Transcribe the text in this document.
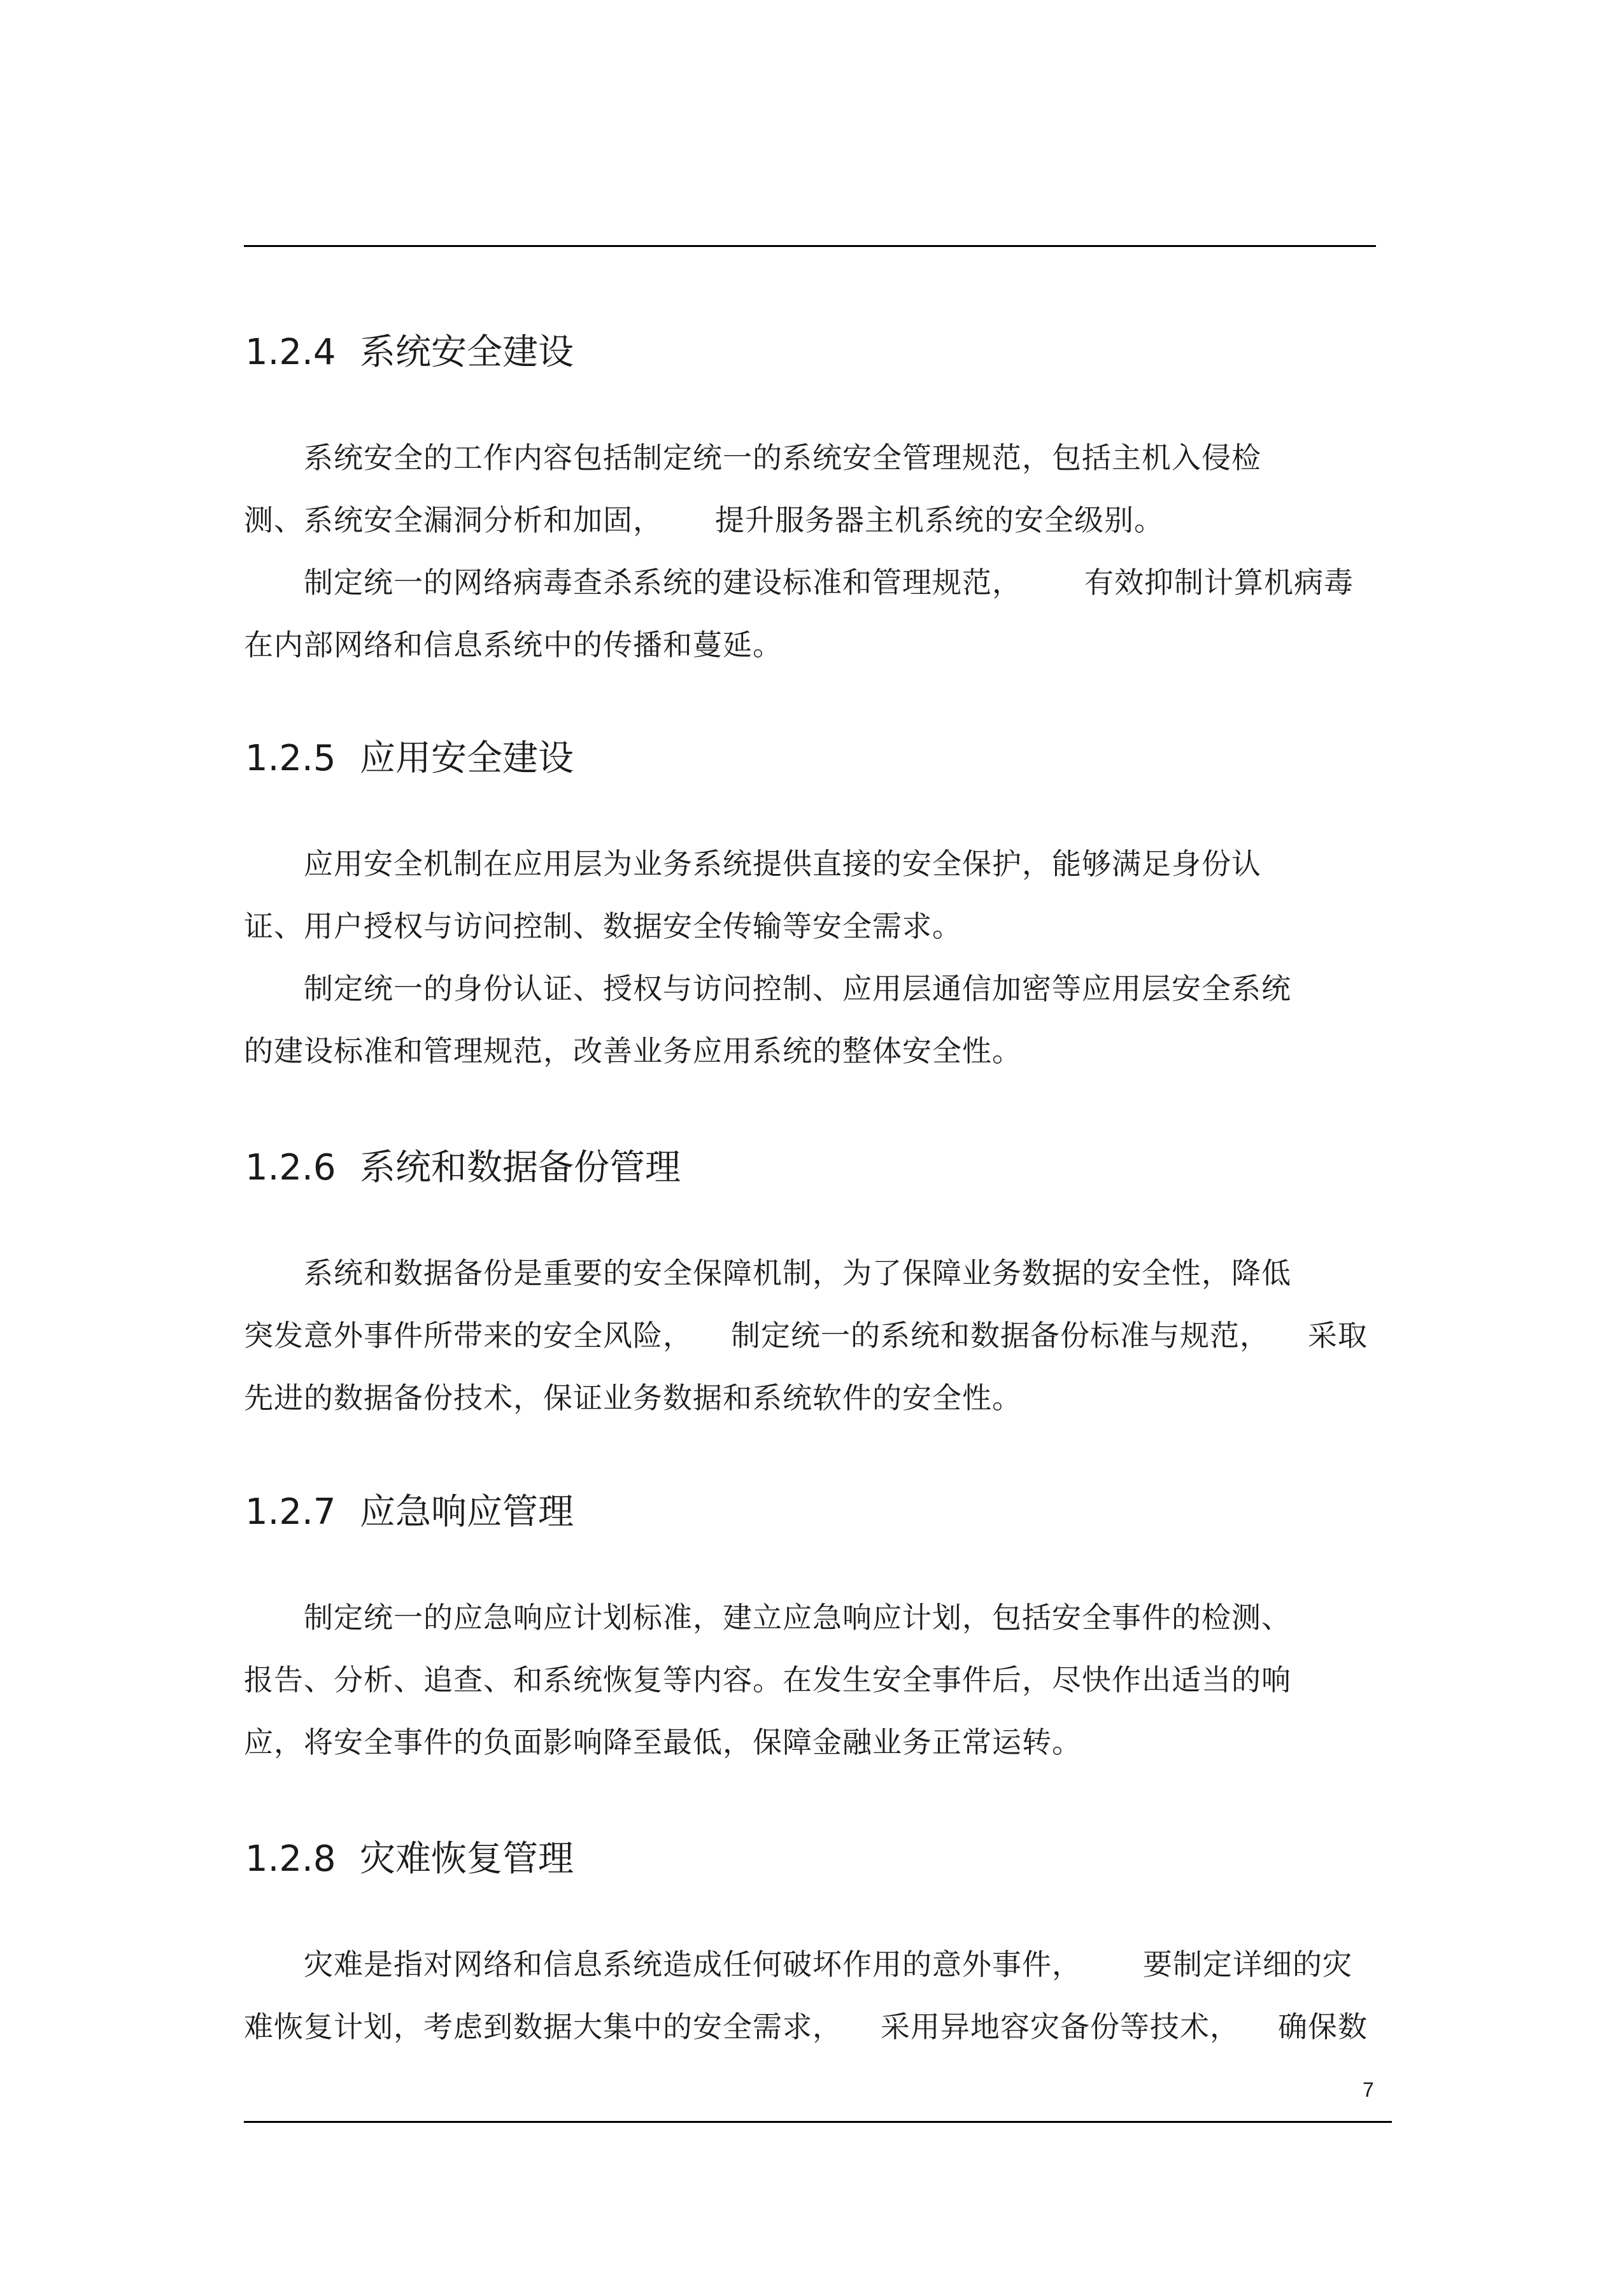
1.2.4 系统安全建设
系统安全的工作内容包括制定统一的系统安全管理规范，包括主机入侵检
测、系统安全漏洞分析和加固， 提升服务器主机系统的安全级别。
制定统一的网络病毒查杀系统的建设标准和管理规范， 有效抑制计算机病毒
在内部网络和信息系统中的传播和蔓延。
1.2.5 应用安全建设
应用安全机制在应用层为业务系统提供直接的安全保护，能够满足身份认
证、用户授权与访问控制、数据安全传输等安全需求。
制定统一的身份认证、授权与访问控制、应用层通信加密等应用层安全系统
的建设标准和管理规范，改善业务应用系统的整体安全性。
1.2.6 系统和数据备份管理
系统和数据备份是重要的安全保障机制，为了保障业务数据的安全性，降低
突发意外事件所带来的安全风险， 制定统一的系统和数据备份标准与规范， 采取
先进的数据备份技术，保证业务数据和系统软件的安全性。
1.2.7 应急响应管理
制定统一的应急响应计划标准，建立应急响应计划，包括安全事件的检测、
报告、分析、追查、和系统恢复等内容。在发生安全事件后，尽快作出适当的响
应，将安全事件的负面影响降至最低，保障金融业务正常运转。
1.2.8 灾难恢复管理
灾难是指对网络和信息系统造成任何破坏作用的意外事件， 要制定详细的灾
难恢复计划，考虑到数据大集中的安全需求， 采用异地容灾备份等技术， 确保数
7
